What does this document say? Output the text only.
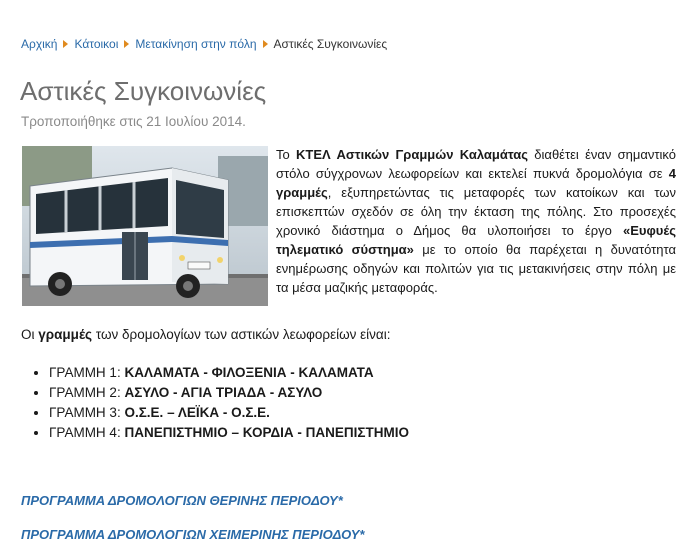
Αρχική Κάτοικοι Μετακίνηση στην πόλη Αστικές Συγκοινωνίες
Αστικές Συγκοινωνίες
Τροποποιήθηκε στις 21 Ιουλίου 2014.

Το ΚΤΕΛ Αστικών Γραμμών Καλαμάτας διαθέτει έναν σημαντικό στόλο σύγχρονων λεωφορείων και εκτελεί πυκνά δρομολόγια σε 4 γραμμές, εξυπηρετώντας τις μεταφορές των κατοίκων και των επισκεπτών σχεδόν σε όλη την έκταση της πόλης. Στο προσεχές χρονικό διάστημα ο Δήμος θα υλοποιήσει το έργο «Ευφυές τηλεματικό σύστημα» με το οποίο θα παρέχεται η δυνατότητα ενημέρωσης οδηγών και πολιτών για τις μετακινήσεις στην πόλη με τα μέσα μαζικής μεταφοράς.

Οι γραμμές των δρομολογίων των αστικών λεωφορείων είναι:

• ΓΡΑΜΜΗ 1: ΚΑΛΑΜΑΤΑ - ΦΙΛΟΞΕΝΙΑ - ΚΑΛΑΜΑΤΑ
• ΓΡΑΜΜΗ 2: ΑΣΥΛΟ - ΑΓΙΑ ΤΡΙΑΔΑ - ΑΣΥΛΟ
• ΓΡΑΜΜΗ 3: Ο.Σ.Ε. – ΛΕΪΚΑ - Ο.Σ.Ε.
• ΓΡΑΜΜΗ 4: ΠΑΝΕΠΙΣΤΗΜΙΟ – ΚΟΡΔΙΑ - ΠΑΝΕΠΙΣΤΗΜΙΟ
ΠΡΟΓΡΑΜΜΑ ΔΡΟΜΟΛΟΓΙΩΝ ΘΕΡΙΝΗΣ ΠΕΡΙΟΔΟΥ*
ΠΡΟΓΡΑΜΜΑ ΔΡΟΜΟΛΟΓΙΩΝ ΧΕΙΜΕΡΙΝΗΣ ΠΕΡΙΟΔΟΥ*
